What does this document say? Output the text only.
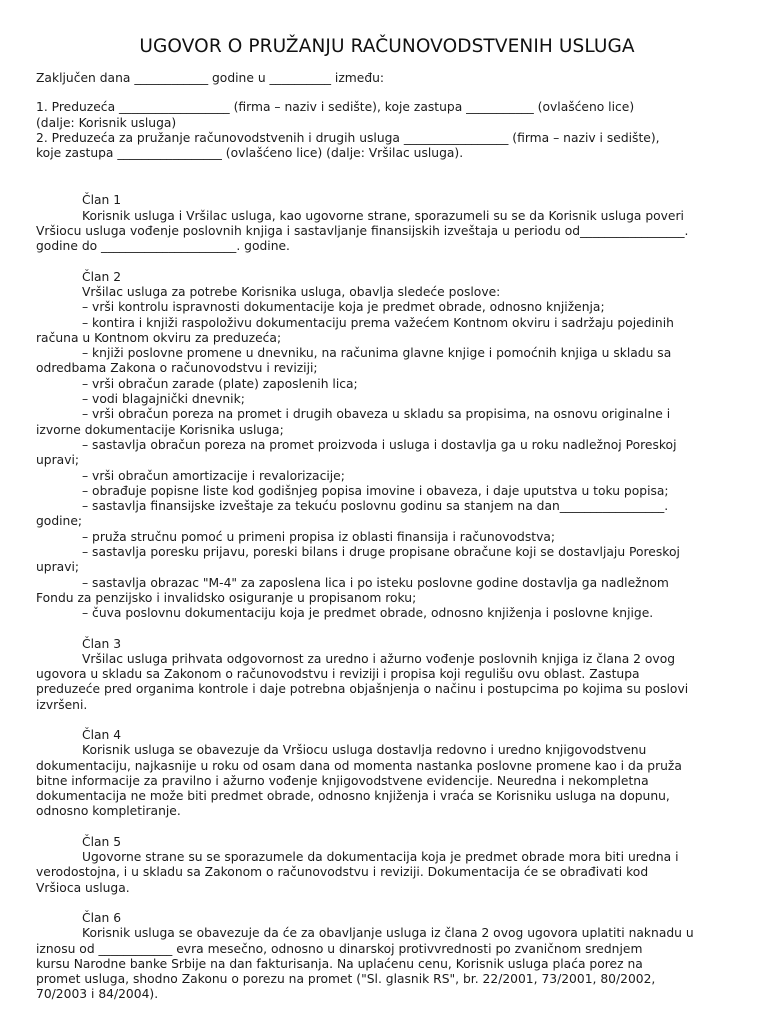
UGOVOR O PRUŽANJU RAČUNOVODSTVENIH USLUGA

Zaključen dana ____________ godine u __________ između:

1. Preduzeća __________________ (firma – naziv i sedište), koje zastupa ___________ (ovlašćeno lice)

(dalje: Korisnik usluga)

2. Preduzeća za pružanje računovodstvenih i drugih usluga _________________ (firma – naziv i sedište),

koje zastupa _________________ (ovlašćeno lice) (dalje: Vršilac usluga).

Član 1

Korisnik usluga i Vršilac usluga, kao ugovorne strane, sporazumeli su se da Korisnik usluga poveri

Vršiocu usluga vođenje poslovnih knjiga i sastavljanje finansijskih izveštaja u periodu od_________________.

godine do ______________________. godine.

Član 2

Vršilac usluga za potrebe Korisnika usluga, obavlja sledeće poslove:

– vrši kontrolu ispravnosti dokumentacije koja je predmet obrade, odnosno knjiženja;

– kontira i knjiži raspoloživu dokumentaciju prema važećem Kontnom okviru i sadržaju pojedinih

računa u Kontnom okviru za preduzeća;

– knjiži poslovne promene u dnevniku, na računima glavne knjige i pomoćnih knjiga u skladu sa

odredbama Zakona o računovodstvu i reviziji;

– vrši obračun zarade (plate) zaposlenih lica;

– vodi blagajnički dnevnik;

– vrši obračun poreza na promet i drugih obaveza u skladu sa propisima, na osnovu originalne i

izvorne dokumentacije Korisnika usluga;

– sastavlja obračun poreza na promet proizvoda i usluga i dostavlja ga u roku nadležnoj Poreskoj

upravi;

– vrši obračun amortizacije i revalorizacije;

– obrađuje popisne liste kod godišnjeg popisa imovine i obaveza, i daje uputstva u toku popisa;

– sastavlja finansijske izveštaje za tekuću poslovnu godinu sa stanjem na dan_________________.

godine;

– pruža stručnu pomoć u primeni propisa iz oblasti finansija i računovodstva;

– sastavlja poresku prijavu, poreski bilans i druge propisane obračune koji se dostavljaju Poreskoj

upravi;

– sastavlja obrazac "M-4" za zaposlena lica i po isteku poslovne godine dostavlja ga nadležnom

Fondu za penzijsko i invalidsko osiguranje u propisanom roku;

– čuva poslovnu dokumentaciju koja je predmet obrade, odnosno knjiženja i poslovne knjige.

Član 3

Vršilac usluga prihvata odgovornost za uredno i ažurno vođenje poslovnih knjiga iz člana 2 ovog

ugovora u skladu sa Zakonom o računovodstvu i reviziji i propisa koji regulišu ovu oblast. Zastupa

preduzeće pred organima kontrole i daje potrebna objašnjenja o načinu i postupcima po kojima su poslovi

izvršeni.

Član 4

Korisnik usluga se obavezuje da Vršiocu usluga dostavlja redovno i uredno knjigovodstvenu

dokumentaciju, najkasnije u roku od osam dana od momenta nastanka poslovne promene kao i da pruža

bitne informacije za pravilno i ažurno vođenje knjigovodstvene evidencije. Neuredna i nekompletna

dokumentacija ne može biti predmet obrade, odnosno knjiženja i vraća se Korisniku usluga na dopunu,

odnosno kompletiranje.

Član 5

Ugovorne strane su se sporazumele da dokumentacija koja je predmet obrade mora biti uredna i

verodostojna, i u skladu sa Zakonom o računovodstvu i reviziji. Dokumentacija će se obrađivati kod

Vršioca usluga.

Član 6

Korisnik usluga se obavezuje da će za obavljanje usluga iz člana 2 ovog ugovora uplatiti naknadu u

iznosu od ____________ evra mesečno, odnosno u dinarskoj protivvrednosti po zvaničnom srednjem

kursu Narodne banke Srbije na dan fakturisanja. Na uplaćenu cenu, Korisnik usluga plaća porez na

promet usluga, shodno Zakonu o porezu na promet ("Sl. glasnik RS", br. 22/2001, 73/2001, 80/2002,

70/2003 i 84/2004).
